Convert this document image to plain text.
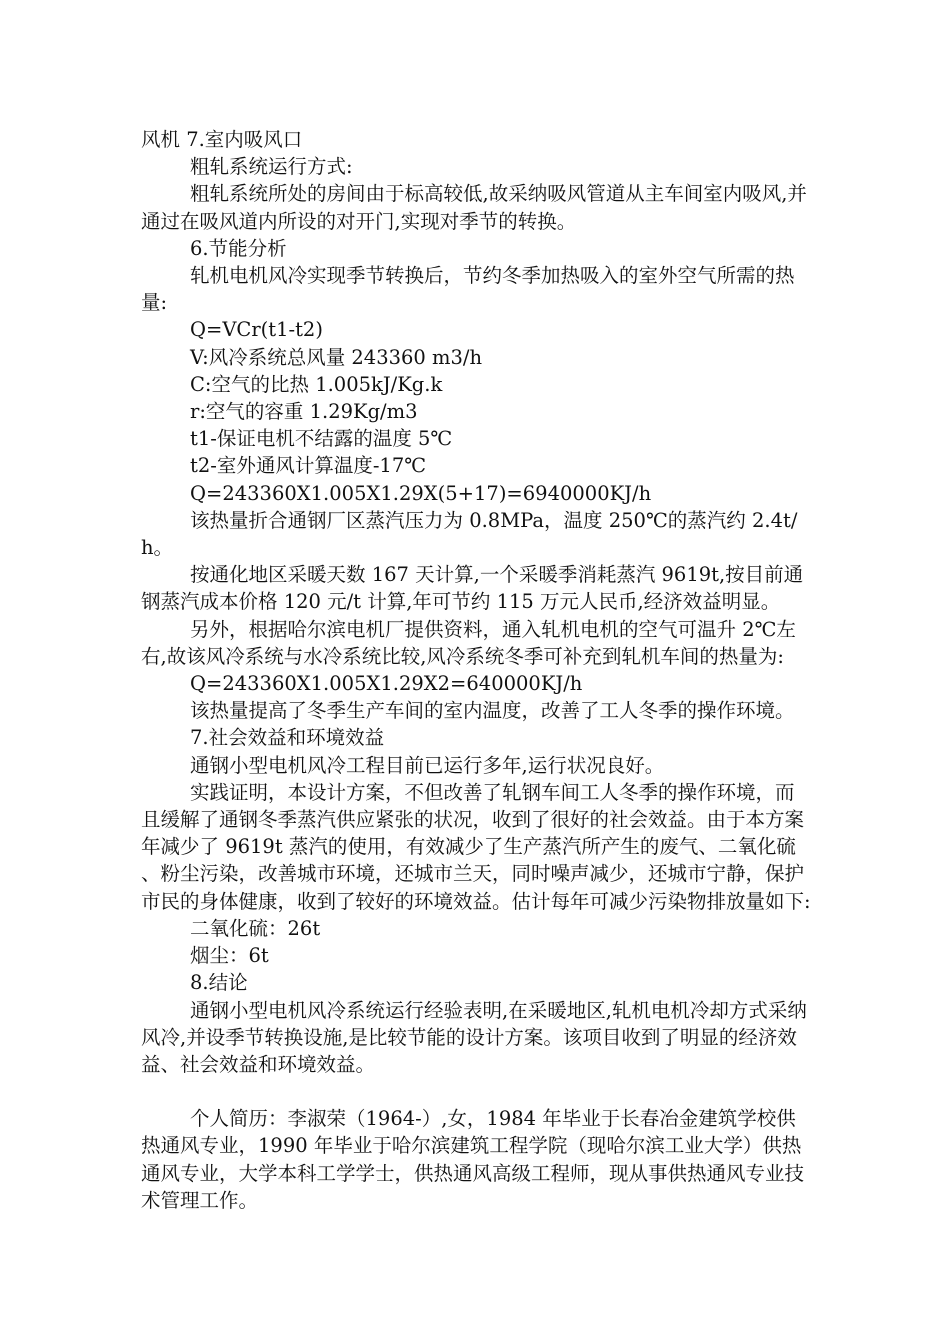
风机 7.室内吸风口

粗轧系统运行方式:

粗轧系统所处的房间由于标高较低,故采纳吸风管道从主车间室内吸风,并通过在吸风道内所设的对开门,实现对季节的转换。

6.节能分析

轧机电机风冷实现季节转换后，节约冬季加热吸入的室外空气所需的热量:

Q=VCr(t1-t2)

V:风冷系统总风量 243360 m3/h

C:空气的比热 1.005kJ/Kg.k

r:空气的容重 1.29Kg/m3

t1-保证电机不结露的温度 5℃

t2-室外通风计算温度-17℃

Q=243360X1.005X1.29X(5+17)=6940000KJ/h

该热量折合通钢厂区蒸汽压力为 0.8MPa，温度 250℃的蒸汽约 2.4t/h。

按通化地区采暖天数 167 天计算,一个采暖季消耗蒸汽 9619t,按目前通钢蒸汽成本价格 120 元/t 计算,年可节约 115 万元人民币,经济效益明显。

另外，根据哈尔滨电机厂提供资料，通入轧机电机的空气可温升 2℃左右,故该风冷系统与水冷系统比较,风冷系统冬季可补充到轧机车间的热量为:

Q=243360X1.005X1.29X2=640000KJ/h

该热量提高了冬季生产车间的室内温度，改善了工人冬季的操作环境。

7.社会效益和环境效益

通钢小型电机风冷工程目前已运行多年,运行状况良好。

实践证明，本设计方案，不但改善了轧钢车间工人冬季的操作环境，而且缓解了通钢冬季蒸汽供应紧张的状况，收到了很好的社会效益。由于本方案年减少了 9619t 蒸汽的使用，有效减少了生产蒸汽所产生的废气、二氧化硫 、粉尘污染，改善城市环境，还城市兰天，同时噪声减少，还城市宁静，保护市民的身体健康，收到了较好的环境效益。估计每年可减少污染物排放量如下:

二氧化硫：26t

烟尘：6t

8.结论

通钢小型电机风冷系统运行经验表明,在采暖地区,轧机电机冷却方式采纳风冷,并设季节转换设施,是比较节能的设计方案。该项目收到了明显的经济效益、社会效益和环境效益。

个人简历：李淑荣（1964-）,女，1984 年毕业于长春冶金建筑学校供热通风专业，1990 年毕业于哈尔滨建筑工程学院（现哈尔滨工业大学）供热通风专业，大学本科工学学士，供热通风高级工程师，现从事供热通风专业技术管理工作。
